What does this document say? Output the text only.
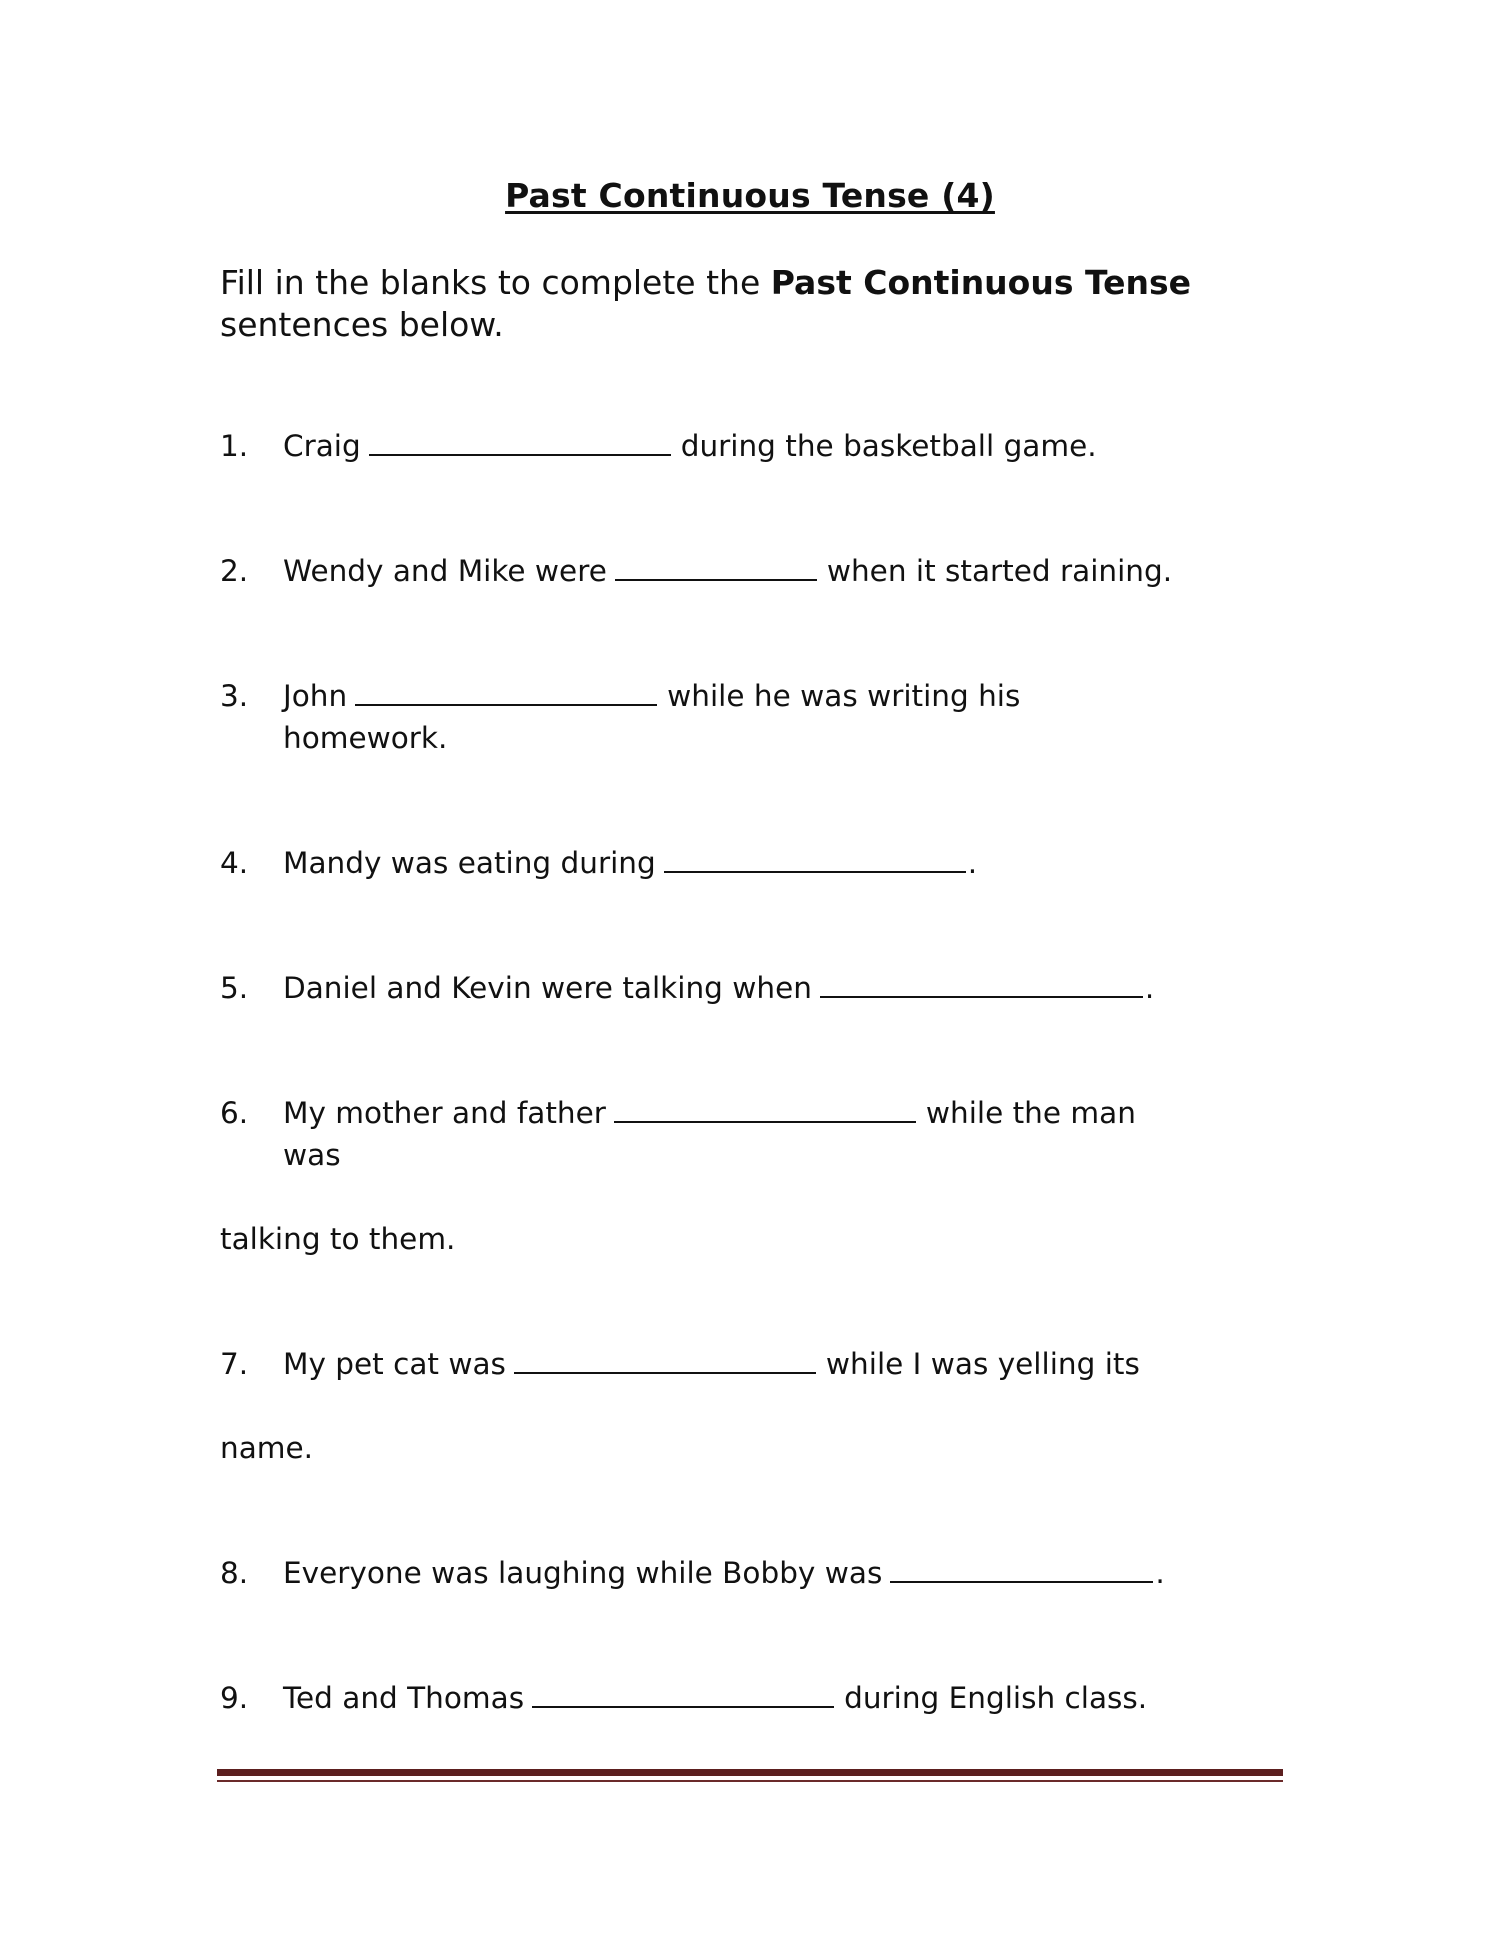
Past Continuous Tense (4)
Fill in the blanks to complete the Past Continuous Tense
sentences below.
1. Craig	during the basketball game.
2. Wendy and Mike were	when it started raining.
3. John	while he was writing his
homework.
4. Mandy was eating during	.
5. Daniel and Kevin were talking when	.
6. My mother and father	while the man
was
talking to them.
7. My pet cat was	while I was yelling its
name.
8. Everyone was laughing while Bobby was	.
9. Ted and Thomas	during English class.
